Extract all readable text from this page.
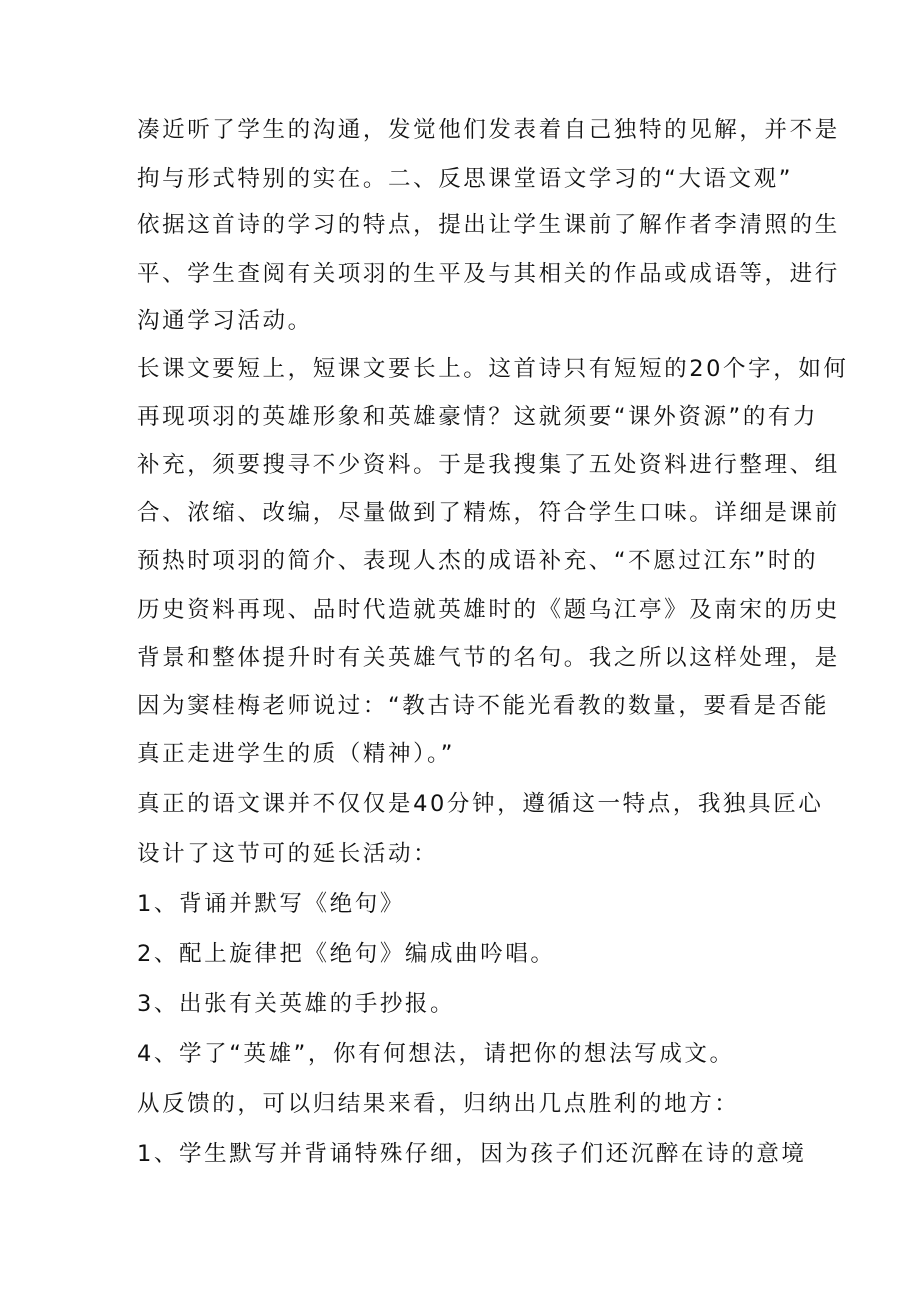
凑近听了学生的沟通，发觉他们发表着自己独特的见解，并不是
拘与形式特别的实在。二、反思课堂语文学习的“大语文观”
依据这首诗的学习的特点，提出让学生课前了解作者李清照的生
平、学生查阅有关项羽的生平及与其相关的作品或成语等，进行
沟通学习活动。
长课文要短上，短课文要长上。这首诗只有短短的20个字，如何
再现项羽的英雄形象和英雄豪情？这就须要“课外资源”的有力
补充，须要搜寻不少资料。于是我搜集了五处资料进行整理、组
合、浓缩、改编，尽量做到了精炼，符合学生口味。详细是课前
预热时项羽的简介、表现人杰的成语补充、“不愿过江东”时的
历史资料再现、品时代造就英雄时的《题乌江亭》及南宋的历史
背景和整体提升时有关英雄气节的名句。我之所以这样处理，是
因为窦桂梅老师说过：“教古诗不能光看教的数量，要看是否能
真正走进学生的质（精神）。”
真正的语文课并不仅仅是40分钟，遵循这一特点，我独具匠心
设计了这节可的延长活动：
1、背诵并默写《绝句》
2、配上旋律把《绝句》编成曲吟唱。
3、出张有关英雄的手抄报。
4、学了“英雄”，你有何想法，请把你的想法写成文。
从反馈的，可以归结果来看，归纳出几点胜利的地方：
1、学生默写并背诵特殊仔细，因为孩子们还沉醉在诗的意境
